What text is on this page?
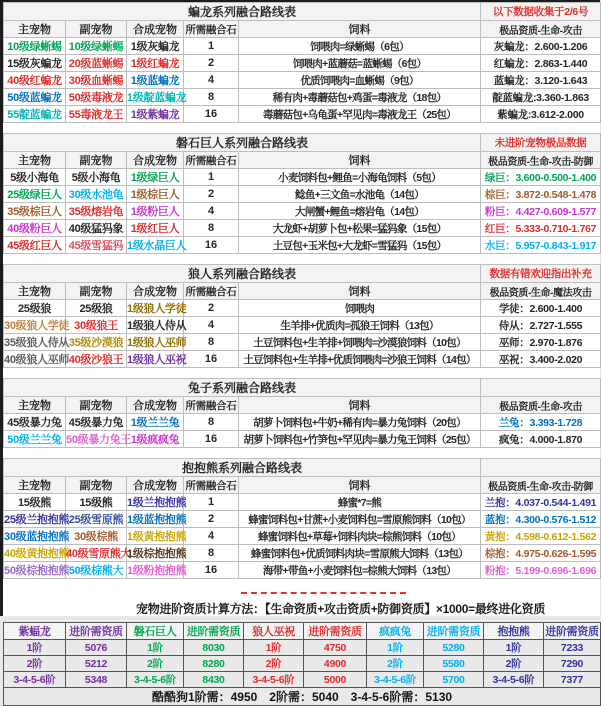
蝙龙系列融合路线表					以下数据收集于2/6号
主宠物	副宠物	合成宠物	所需融合石	饲料	极品资质-生命-攻击
10级绿蜥蜴	10级绿蜥蜴	1级灰蝙龙	1	饲喂肉=绿蜥蜴（6包）	灰蝙龙：2.600-1.206
15级灰蝙龙	20级蓝蜥蜴	1级红蝙龙	2	饲喂肉+蓝蘑菇=蓝蜥蜴（6包）	红蝙龙：2.863-1.440
40级红蝙龙	30级血蜥蜴	1级蓝蝙龙	4	优质饲喂肉=血蜥蜴（9包）	蓝蝙龙：3.120-1.643
50级蓝蝙龙	50级毒液龙	1级靛蓝蝙龙	8	稀有肉+毒蘑菇包+鸡蛋=毒液龙（18包）	靛蓝蝙龙:3.360-1.863
55靛蓝蝙龙	55毒液龙王	1级紫蝙龙	16	毒蘑菇包+乌龟蛋+罕见肉=毒液龙王（25包）	紫蝙龙:3.612-2.000
磐石巨人系列融合路线表					未进阶宠物极品数据
主宠物	副宠物	合成宠物	所需融合石	饲料	极品资质-生命-攻击-防御
5级小海龟	5级小海龟	1级绿巨人	1	小麦饲料包+鲤鱼=小海龟饲料（5包）	绿巨：3.600-0.500-1.400
25级绿巨人	30级水池龟	1级棕巨人	2	鲶鱼+三文鱼=水池龟（14包）	棕巨：3.872-0.548-1.478
35级棕巨人	35级熔岩龟	1级粉巨人	4	大闸蟹+鲤鱼=熔岩龟（14包）	粉巨：4.427-0.609-1.577
40级粉巨人	40级猛犸象	1级红巨人	8	大龙虾+胡萝卜包+松果=猛犸象（15包）	红巨：5.333-0.710-1.767
45级红巨人	45级雪猛犸	1级水晶巨人	16	土豆包+玉米包+大龙虾=雪猛犸（15包）	水巨：5.957-0.843-1.917
狼人系列融合路线表					数据有错欢迎指出补充
主宠物	副宠物	合成宠物	所需融合石	饲料	极品资质-生命-魔法攻击
25级狼	25级狼	1级狼人学徒	2	饲喂肉	学徒：2.600-1.400
30级狼人学徒	30级狼王	1级狼人侍从	4	生羊排+优质肉=孤狼王饲料（13包）	侍从：2.727-1.555
35级狼人侍从	35级沙漠狼	1级狼人巫师	8	土豆饲料包+生羊排+饲喂肉=沙漠狼饲料（10包）	巫师：2.970-1.876
40级狼人巫师	40级沙狼王	1级狼人巫祝	16	土豆饲料包+生羊排+优质饲喂肉=沙狼王饲料（14包）	巫祝：3.400-2.020
兔子系列融合路线表					
主宠物	副宠物	合成宠物	所需融合石	饲料	极品资质-生命-攻击
45级暴力兔	45级暴力兔	1级兰兰兔	8	胡萝卜饲料包+牛奶+稀有肉=暴力兔饲料（20包）	兰兔：3.393-1.728
50级兰兰兔	50级暴力兔王	1级疯疯兔	16	胡萝卜饲料包+竹笋包+罕见肉=暴力兔王饲料（25包）	疯兔：4.000-1.870
抱抱熊系列融合路线表					
主宠物	副宠物	合成宠物	所需融合石	饲料	极品资质-生命-攻击-防御
15级熊	15级熊	1级兰抱抱熊	1	蜂蜜*7=熊	兰抱：4.037-0.544-1.491
25级兰抱抱熊	25级雪原熊	1级蓝抱抱熊	2	蜂蜜饲料包+甘蔗+小麦饲料包=雪原熊饲料（10包）	蓝抱：4.300-0.576-1.512
30级蓝抱抱熊	30级棕熊	1级黄抱抱熊	4	蜂蜜饲料包+草莓+饲料肉块=棕熊饲料（10包）	黄抱：4.598-0.612-1.562
40级黄抱抱熊	40级雪原熊大	1级棕抱抱熊	8	蜂蜜饲料包+优质饲料肉块=雪原熊大饲料（13包）	棕抱：4.975-0.626-1.595
50级棕抱抱熊	50级棕熊大	1级粉抱抱熊	16	海带+带鱼+小麦饲料包=棕熊大饲料（13包）	粉抱：5.199-0.696-1.696
宠物进阶资质计算方法：【生命资质+攻击资质+防御资质】×1000=最终进化资质
紫蝠龙	进阶需资质	磐石巨人	进阶需资质	狼人巫祝	进阶需资质	疯疯兔	进阶需资质	抱抱熊	进阶需资质
1阶	5076	1阶	8030	1阶	4750	1阶	5280	1阶	7233
2阶	5212	2阶	8280	2阶	4900	2阶	5580	2阶	7290
3-4-5-6阶	5348	3-4-5-6阶	8430	3-4-5-6阶	5000	3-4-5-6阶	5700	3-4-5-6阶	7377
酷酷狗1阶需：4950　2阶需：5040　3-4-5-6阶需：5130									
